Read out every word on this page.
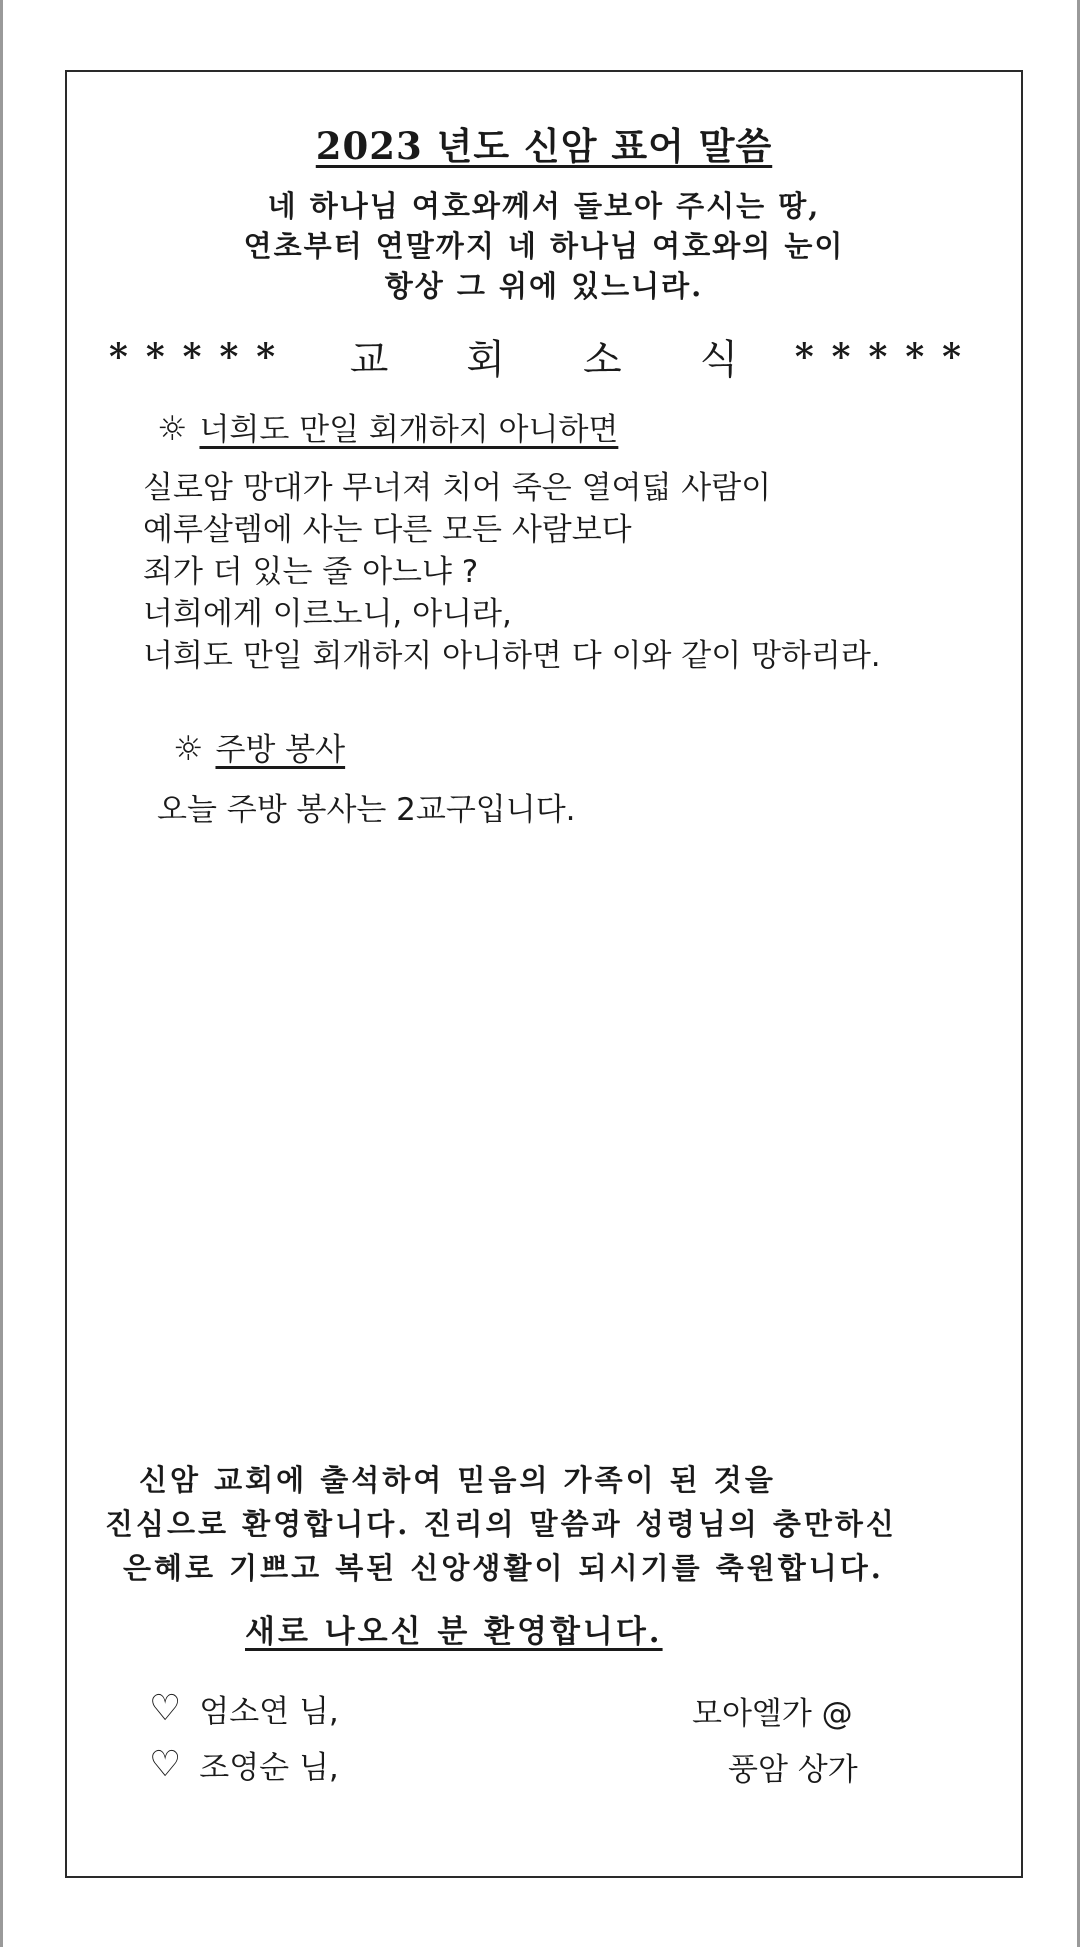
2023 년도 신암 표어 말씀
네 하나님 여호와께서 돌보아 주시는 땅,
연초부터 연말까지 네 하나님 여호와의 눈이
항상 그 위에 있느니라.
***** 교 회 소 식 *****
☼ 너희도 만일 회개하지 아니하면
실로암 망대가 무너져 치어 죽은 열여덟 사람이
예루살렘에 사는 다른 모든 사람보다
죄가 더 있는 줄 아느냐 ?
너희에게 이르노니, 아니라,
너희도 만일 회개하지 아니하면 다 이와 같이 망하리라.
☼ 주방 봉사
오늘 주방 봉사는 2교구입니다.
신암 교회에 출석하여 믿음의 가족이 된 것을
진심으로 환영합니다. 진리의 말씀과 성령님의 충만하신
은혜로 기쁘고 복된 신앙생활이 되시기를 축원합니다.
새로 나오신 분 환영합니다.
♡ 엄소연 님,	모아엘가 @
♡ 조영순 님,	풍암 상가
